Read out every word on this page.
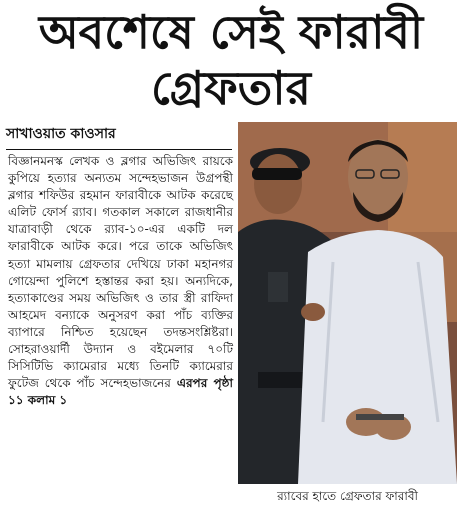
অবশেষে সেই ফারাবী
গ্রেফতার
সাখাওয়াত কাওসার
বিজ্ঞানমনস্ক লেখক ও ব্লগার অভিজিৎ রায়কে কুপিয়ে হত্যার অন্যতম সন্দেহভাজন উগ্রপন্থী ব্লগার শফিউর রহমান ফারাবীকে আটক করেছে এলিট ফোর্স র‌্যাব। গতকাল সকালে রাজধানীর যাত্রাবাড়ী থেকে র‌্যাব-১০-এর একটি দল ফারাবীকে আটক করে। পরে তাকে অভিজিৎ হত্যা মামলায় গ্রেফতার দেখিয়ে ঢাকা মহানগর গোয়েন্দা পুলিশে হস্তান্তর করা হয়। অন্যদিকে, হত্যাকাণ্ডের সময় অভিজিৎ ও তার স্ত্রী রাফিদা আহমেদ বন্যাকে অনুসরণ করা পাঁচ ব্যক্তির ব্যাপারে নিশ্চিত হয়েছেন তদন্তসংশ্লিষ্টরা। সোহরাওয়ার্দী উদ্যান ও বইমেলার ৭০টি সিসিটিভি ক্যামেরার মধ্যে তিনটি ক্যামেরার ফুটেজ থেকে পাঁচ সন্দেহভাজনের এরপর পৃষ্ঠা ১১ কলাম ১
র‌্যাবের হাতে গ্রেফতার ফারাবী
